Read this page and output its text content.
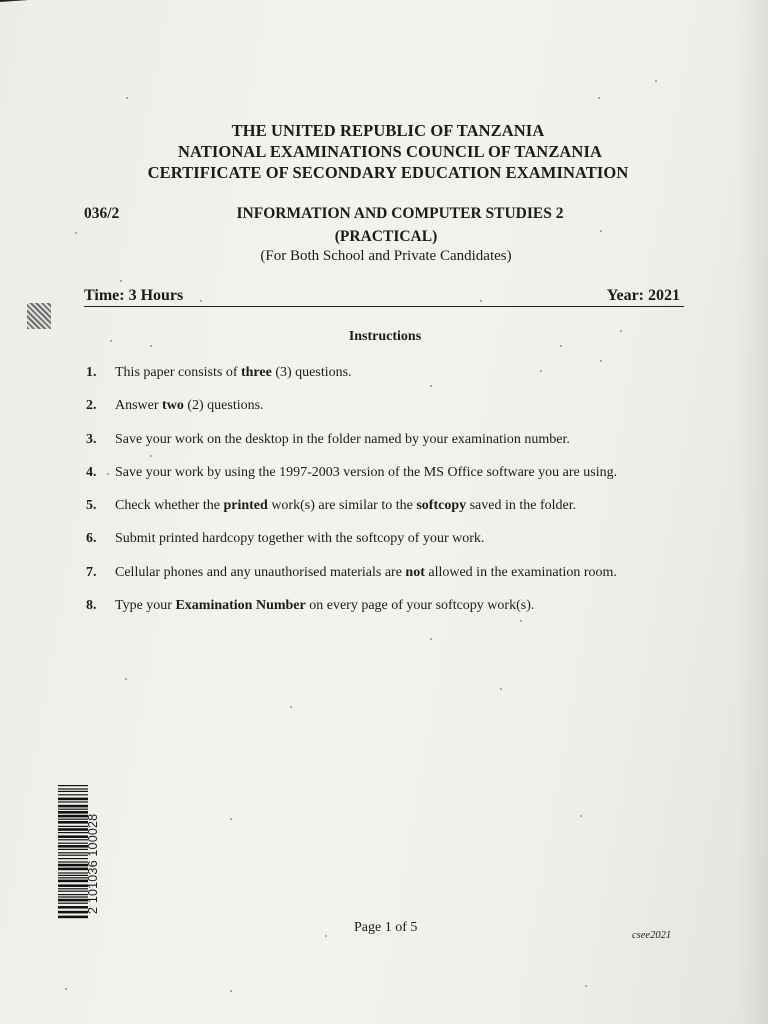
THE UNITED REPUBLIC OF TANZANIA
NATIONAL EXAMINATIONS COUNCIL OF TANZANIA
CERTIFICATE OF SECONDARY EDUCATION EXAMINATION
036/2	INFORMATION AND COMPUTER STUDIES 2
(PRACTICAL)
(For Both School and Private Candidates)
Time: 3 Hours	Year: 2021
Instructions
1. This paper consists of three (3) questions.
2. Answer two (2) questions.
3. Save your work on the desktop in the folder named by your examination number.
4. Save your work by using the 1997-2003 version of the MS Office software you are using.
5. Check whether the printed work(s) are similar to the softcopy saved in the folder.
6. Submit printed hardcopy together with the softcopy of your work.
7. Cellular phones and any unauthorised materials are not allowed in the examination room.
8. Type your Examination Number on every page of your softcopy work(s).
2 101036 100028
Page 1 of 5
csee2021
